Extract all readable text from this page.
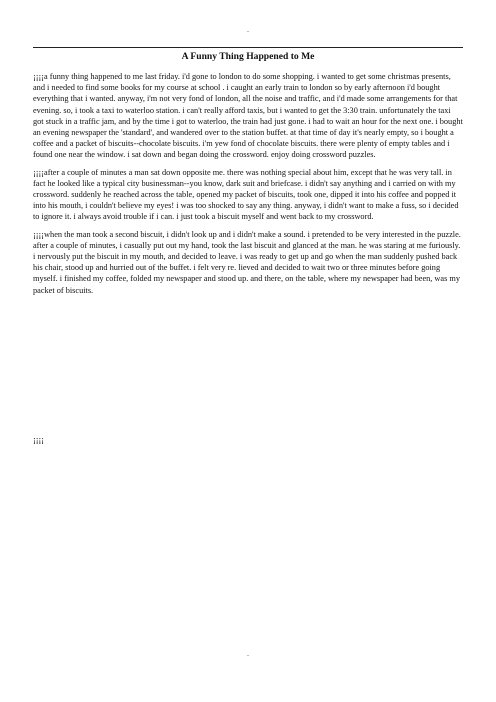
-
A Funny Thing Happened to Me

¡¡¡¡a funny thing happened to me last friday. i'd gone to london to do some shopping. i wanted to get some christmas presents, and i needed to find some books for my course at school . i caught an early train to london so by early afternoon i'd bought everything that i wanted. anyway, i'm not very fond of london, all the noise and traffic, and i'd made some arrangements for that evening. so, i took a taxi to waterloo station. i can't really afford taxis, but i wanted to get the 3:30 train. unfortunately the taxi got stuck in a traffic jam, and by the time i got to waterloo, the train had just gone. i had to wait an hour for the next one. i bought an evening newspaper the 'standard', and wandered over to the station buffet. at that time of day it's nearly empty, so i bought a coffee and a packet of biscuits--chocolate biscuits. i'm yew fond of chocolate biscuits. there were plenty of empty tables and i found one near the window. i sat down and began doing the crossword. enjoy doing crossword puzzles.

¡¡¡¡after a couple of minutes a man sat down opposite me. there was nothing special about him, except that he was very tall. in fact he looked like a typical city businessman--you know, dark suit and briefcase. i didn't say anything and i carried on with my crossword. suddenly he reached across the table, opened my packet of biscuits, took one, dipped it into his coffee and popped it into his mouth, i couldn't believe my eyes! i was too shocked to say any thing. anyway, i didn't want to make a fuss, so i decided to ignore it. i always avoid trouble if i can. i just took a biscuit myself and went back to my crossword.

¡¡¡¡when the man took a second biscuit, i didn't look up and i didn't make a sound. i pretended to be very interested in the puzzle. after a couple of minutes, i casually put out my hand, took the last biscuit and glanced at the man. he was staring at me furiously. i nervously put the biscuit in my mouth, and decided to leave. i was ready to get up and go when the man suddenly pushed back his chair, stood up and hurried out of the buffet. i felt very re. lieved and decided to wait two or three minutes before going myself. i finished my coffee, folded my newspaper and stood up. and there, on the table, where my newspaper had been, was my packet of biscuits.

¡¡¡¡

-
